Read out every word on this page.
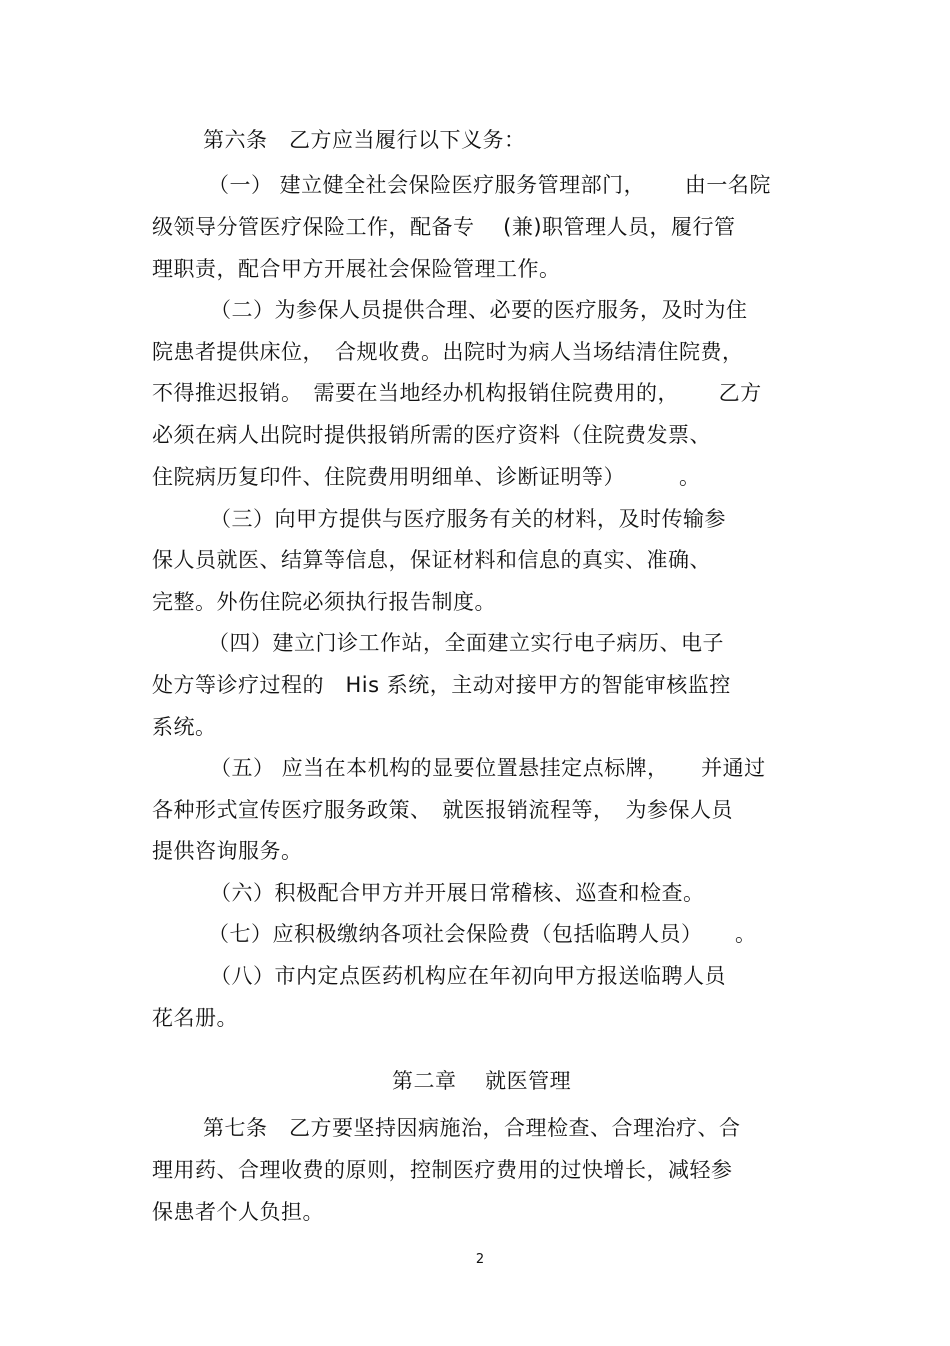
第六条　乙方应当履行以下义务：
（一） 建立健全社会保险医疗服务管理部门，　　 由一名院
级领导分管医疗保险工作，配备专　 (兼)职管理人员，履行管
理职责，配合甲方开展社会保险管理工作。
（二）为参保人员提供合理、必要的医疗服务，及时为住
院患者提供床位，　合规收费。出院时为病人当场结清住院费，
不得推迟报销。　需要在当地经办机构报销住院费用的，　　 乙方
必须在病人出院时提供报销所需的医疗资料（住院费发票、
住院病历复印件、住院费用明细单、诊断证明等）　　　。
（三）向甲方提供与医疗服务有关的材料，及时传输参
保人员就医、结算等信息，保证材料和信息的真实、准确、
完整。外伤住院必须执行报告制度。
（四）建立门诊工作站，全面建立实行电子病历、电子
处方等诊疗过程的　His 系统，主动对接甲方的智能审核监控
系统。
（五） 应当在本机构的显要位置悬挂定点标牌，　　并通过
各种形式宣传医疗服务政策、　就医报销流程等，　为参保人员
提供咨询服务。
（六）积极配合甲方并开展日常稽核、巡查和检查。
（七）应积极缴纳各项社会保险费（包括临聘人员）　　。
（八）市内定点医药机构应在年初向甲方报送临聘人员
花名册。
第二章　 就医管理
第七条　乙方要坚持因病施治，合理检查、合理治疗、合
理用药、合理收费的原则，控制医疗费用的过快增长，减轻参
保患者个人负担。
2
